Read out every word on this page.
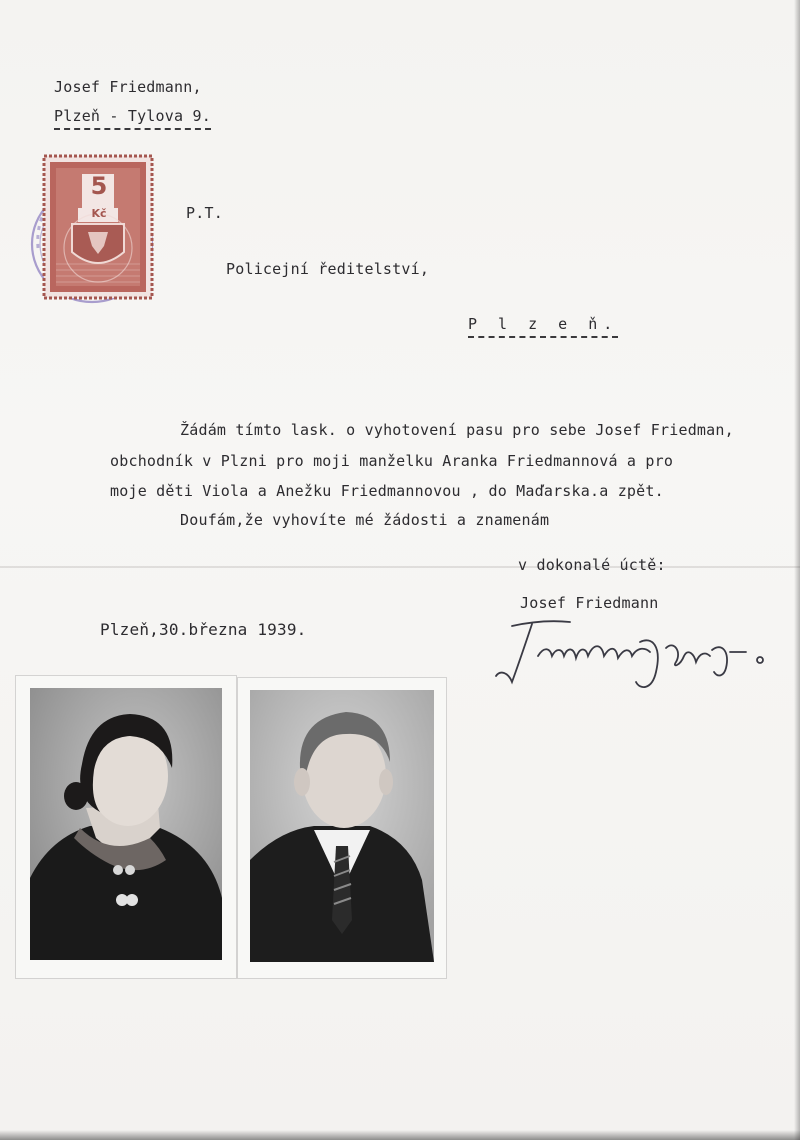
Josef Friedmann,
Plzeň - Tylova 9.
5
Kč	P.T.
Policejní ředitelství,
P l z e ň.
Žádám tímto lask. o vyhotovení pasu pro sebe Josef Friedman,
obchodník v Plzni pro moji manželku Aranka Friedmannová a pro
moje děti Viola a Anežku Friedmannovou , do Maďarska.a zpět.
Doufám,že vyhovíte mé žádosti a znamenám
v dokonalé úctě:
Josef Friedmann
Plzeň,30.března 1939.
